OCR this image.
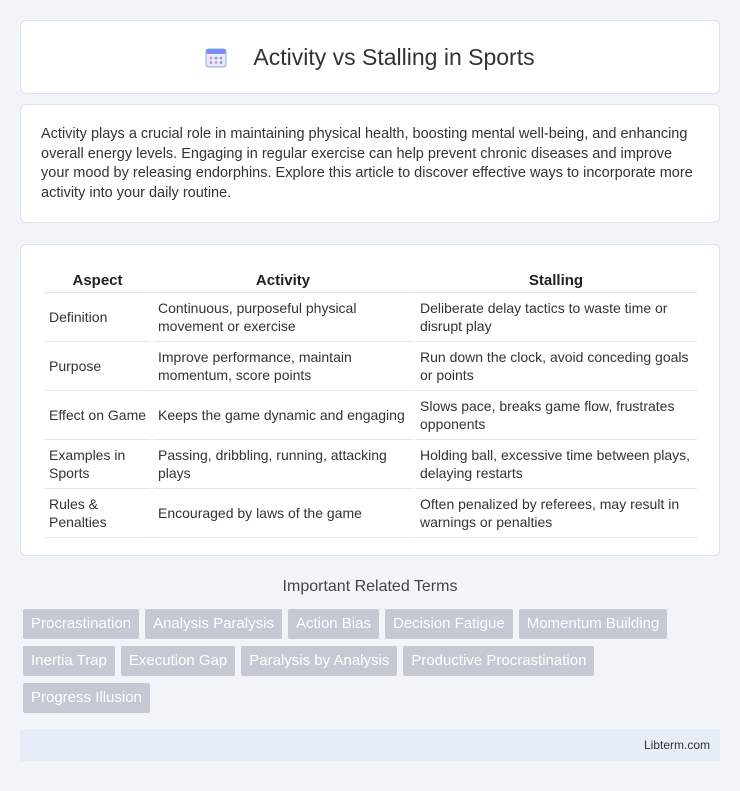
Activity vs Stalling in Sports

Activity plays a crucial role in maintaining physical health, boosting mental well-being, and enhancing overall energy levels. Engaging in regular exercise can help prevent chronic diseases and improve your mood by releasing endorphins. Explore this article to discover effective ways to incorporate more activity into your daily routine.

Aspect	Activity	Stalling
Definition	Continuous, purposeful physical movement or exercise	Deliberate delay tactics to waste time or disrupt play
Purpose	Improve performance, maintain momentum, score points	Run down the clock, avoid conceding goals or points
Effect on Game	Keeps the game dynamic and engaging	Slows pace, breaks game flow, frustrates opponents
Examples in Sports	Passing, dribbling, running, attacking plays	Holding ball, excessive time between plays, delaying restarts
Rules & Penalties	Encouraged by laws of the game	Often penalized by referees, may result in warnings or penalties
Important Related Terms
Procrastination	Analysis Paralysis	Action Bias	Decision Fatigue	Momentum Building
Inertia Trap	Execution Gap	Paralysis by Analysis	Productive Procrastination
Progress Illusion
Libterm.com
